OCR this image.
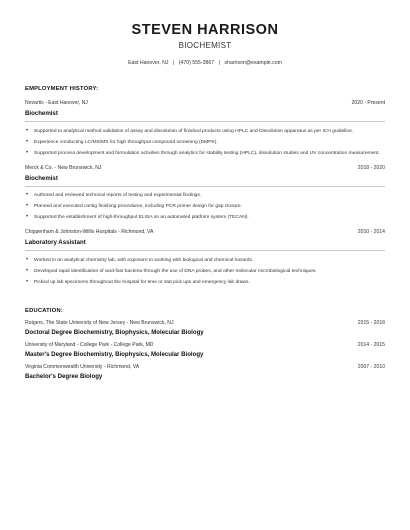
STEVEN HARRISON
BIOCHEMIST
East Hanover, NJ | (470) 555-3867 | sharrison@example.com
EMPLOYMENT HISTORY:
Novartis - East Hanover, NJ	2020 - Present
Biochemist
• Supported to analytical method validation of assay and dissolution of finished products using HPLC and Dissolution apparatus as per ICH guideline.
• Experience conducting LC/MS/MS for high throughput compound screening (DMPK).
• Supported process development and formulation activities through analytics for stability testing (HPLC), dissolution studies and UV concentration measurement.
Merck & Co. - New Brunswick, NJ	2018 - 2020
Biochemist
• Authored and reviewed technical reports of testing and experimental findings.
• Planned and executed contig finishing procedures, including PCR primer design for gap closure.
• Supported the establishment of high-throughput ELISA on an automated platform system (TECAN).
Chippenham & Johnston-Willis Hospitals - Richmond, VA	2010 - 2014
Laboratory Assistant
• Worked in an analytical chemistry lab, with exposure to working with biological and chemical hazards.
• Developed rapid identification of acid-fast bacteria through the use of DNA probes, and other molecular microbiological techniques.
• Picked up lab specimens throughout the hospital for time or stat pick ups and emergency lab draws.
EDUCATION:
Rutgers, The State University of New Jersey - New Brunswick, NJ	2015 - 2018
Doctoral Degree Biochemistry, Biophysics, Molecular Biology
University of Maryland - College Park - College Park, MD	2014 - 2015
Master's Degree Biochemistry, Biophysics, Molecular Biology
Virginia Commonwealth University - Richmond, VA	2007 - 2010
Bachelor's Degree Biology
